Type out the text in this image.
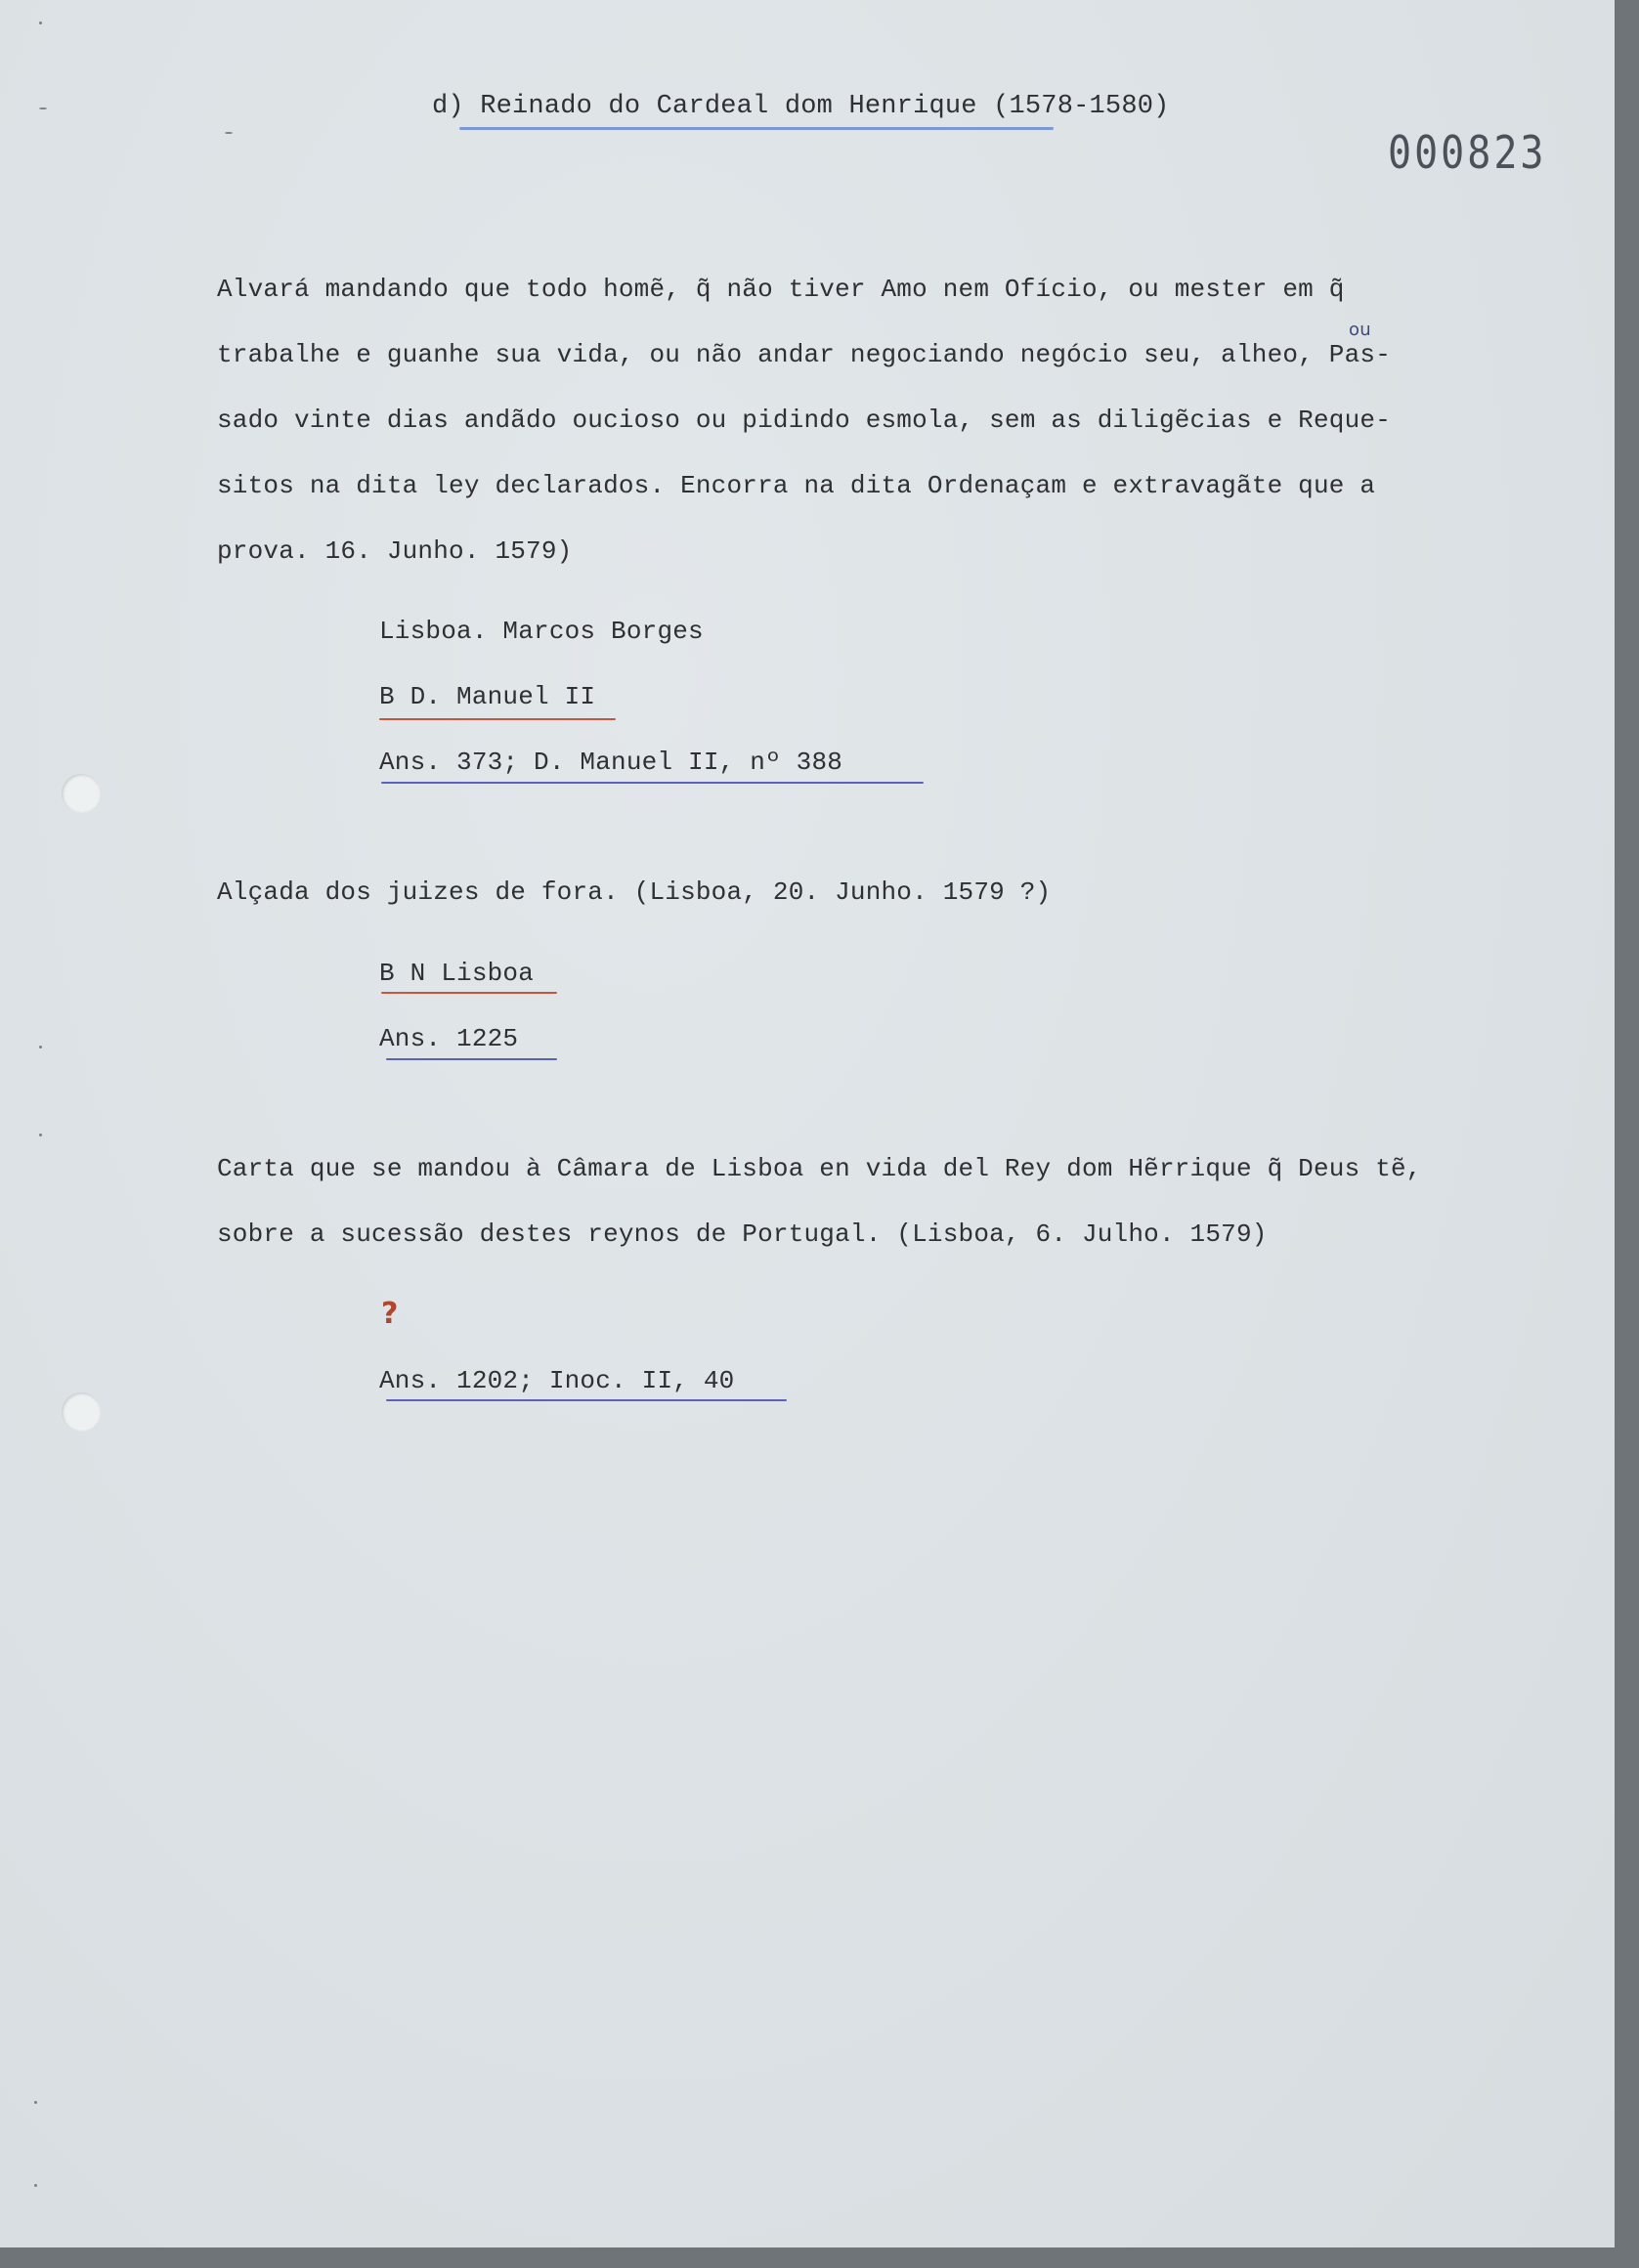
d) Reinado do Cardeal dom Henrique (1578-1580)
000823
Alvará mandando que todo homẽ, q̃ não tiver Amo nem Ofício, ou mester em q̃
trabalhe e guanhe sua vida, ou não andar negociando negócio seu, alheo, Pas-
ou
sado vinte dias andãdo oucioso ou pidindo esmola, sem as diligẽcias e Reque-
sitos na dita ley declarados. Encorra na dita Ordenaçam e extravagãte que a
prova. 16. Junho. 1579)
Lisboa. Marcos Borges
B D. Manuel II
Ans. 373; D. Manuel II, nº 388
Alçada dos juizes de fora. (Lisboa, 20. Junho. 1579 ?)
B N Lisboa
Ans. 1225
Carta que se mandou à Câmara de Lisboa en vida del Rey dom Hẽrrique q̃ Deus tẽ,
sobre a sucessão destes reynos de Portugal. (Lisboa, 6. Julho. 1579)
?
Ans. 1202; Inoc. II, 40
